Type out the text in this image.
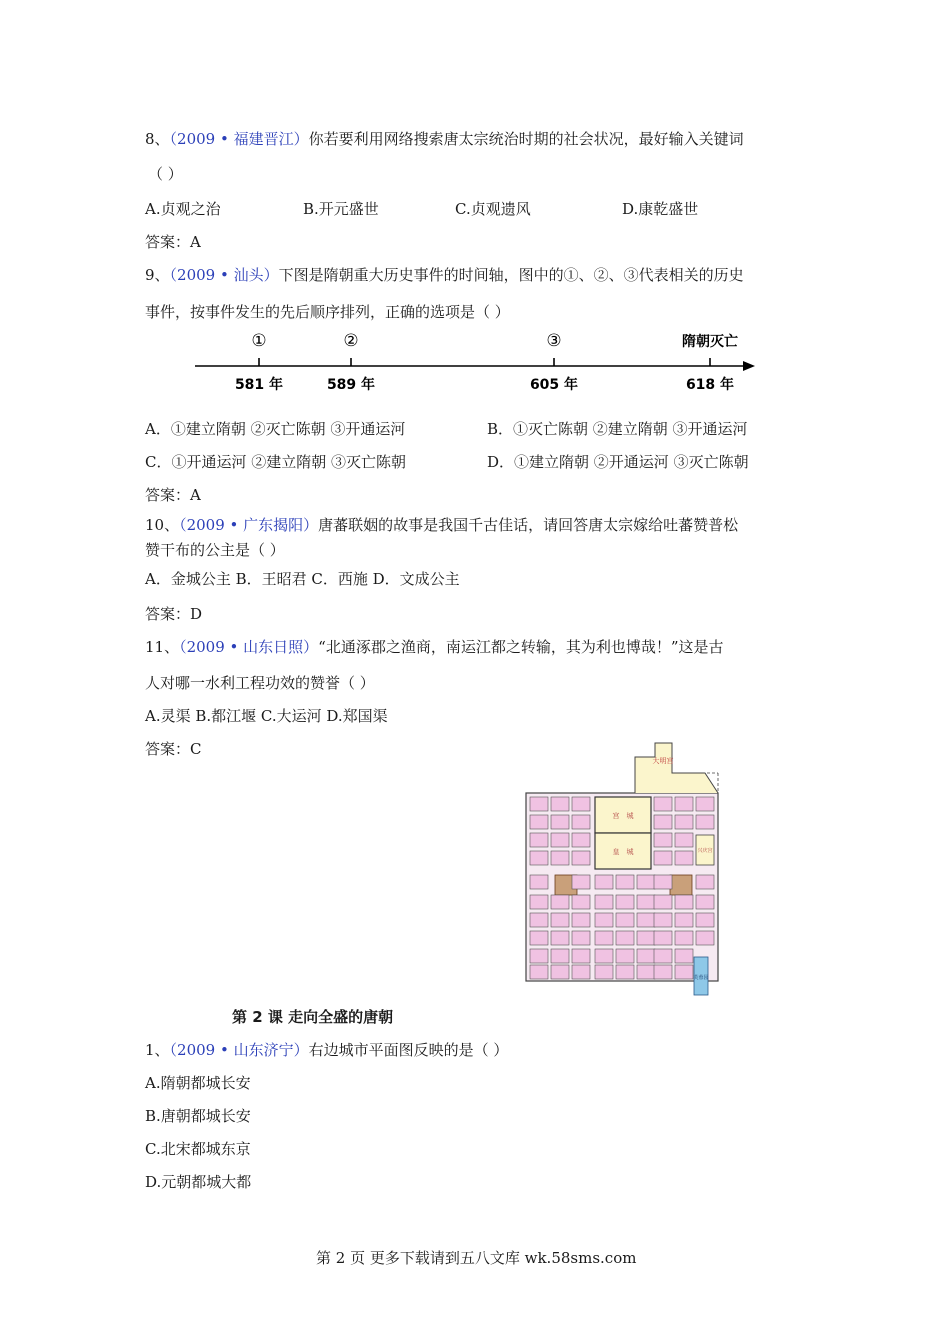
8、（2009 • 福建晋江）你若要利用网络搜索唐太宗统治时期的社会状况，最好输入关键词
（ ）
A.贞观之治	B.开元盛世	C.贞观遗风	D.康乾盛世
答案：A
9、（2009 • 汕头）下图是隋朝重大历史事件的时间轴，图中的①、②、③代表相关的历史
事件，按事件发生的先后顺序排列，正确的选项是（ ）
①	②	③	隋朝灭亡
581 年	589 年	605 年	618 年
A．①建立隋朝 ②灭亡陈朝 ③开通运河	B．①灭亡陈朝 ②建立隋朝 ③开通运河
C．①开通运河 ②建立隋朝 ③灭亡陈朝	D．①建立隋朝 ②开通运河 ③灭亡陈朝
答案：A
10、（2009 • 广东揭阳）唐蕃联姻的故事是我国千古佳话，请回答唐太宗嫁给吐蕃赞普松
赞干布的公主是（ ）
A．金城公主 B．王昭君 C．西施 D．文成公主
答案：D
11、（2009 • 山东日照）“北通涿郡之渔商，南运江都之转输，其为利也博哉！”这是古
人对哪一水利工程功效的赞誉（ ）
A.灵渠 B.都江堰 C.大运河 D.郑国渠
答案：C
大明宫
宫　城
皇　城	兴庆宫
芙蓉园
第 2 课 走向全盛的唐朝
1、（2009 • 山东济宁）右边城市平面图反映的是（ ）
A.隋朝都城长安
B.唐朝都城长安
C.北宋都城东京
D.元朝都城大都
第 2 页 更多下载请到五八文库 wk.58sms.com
